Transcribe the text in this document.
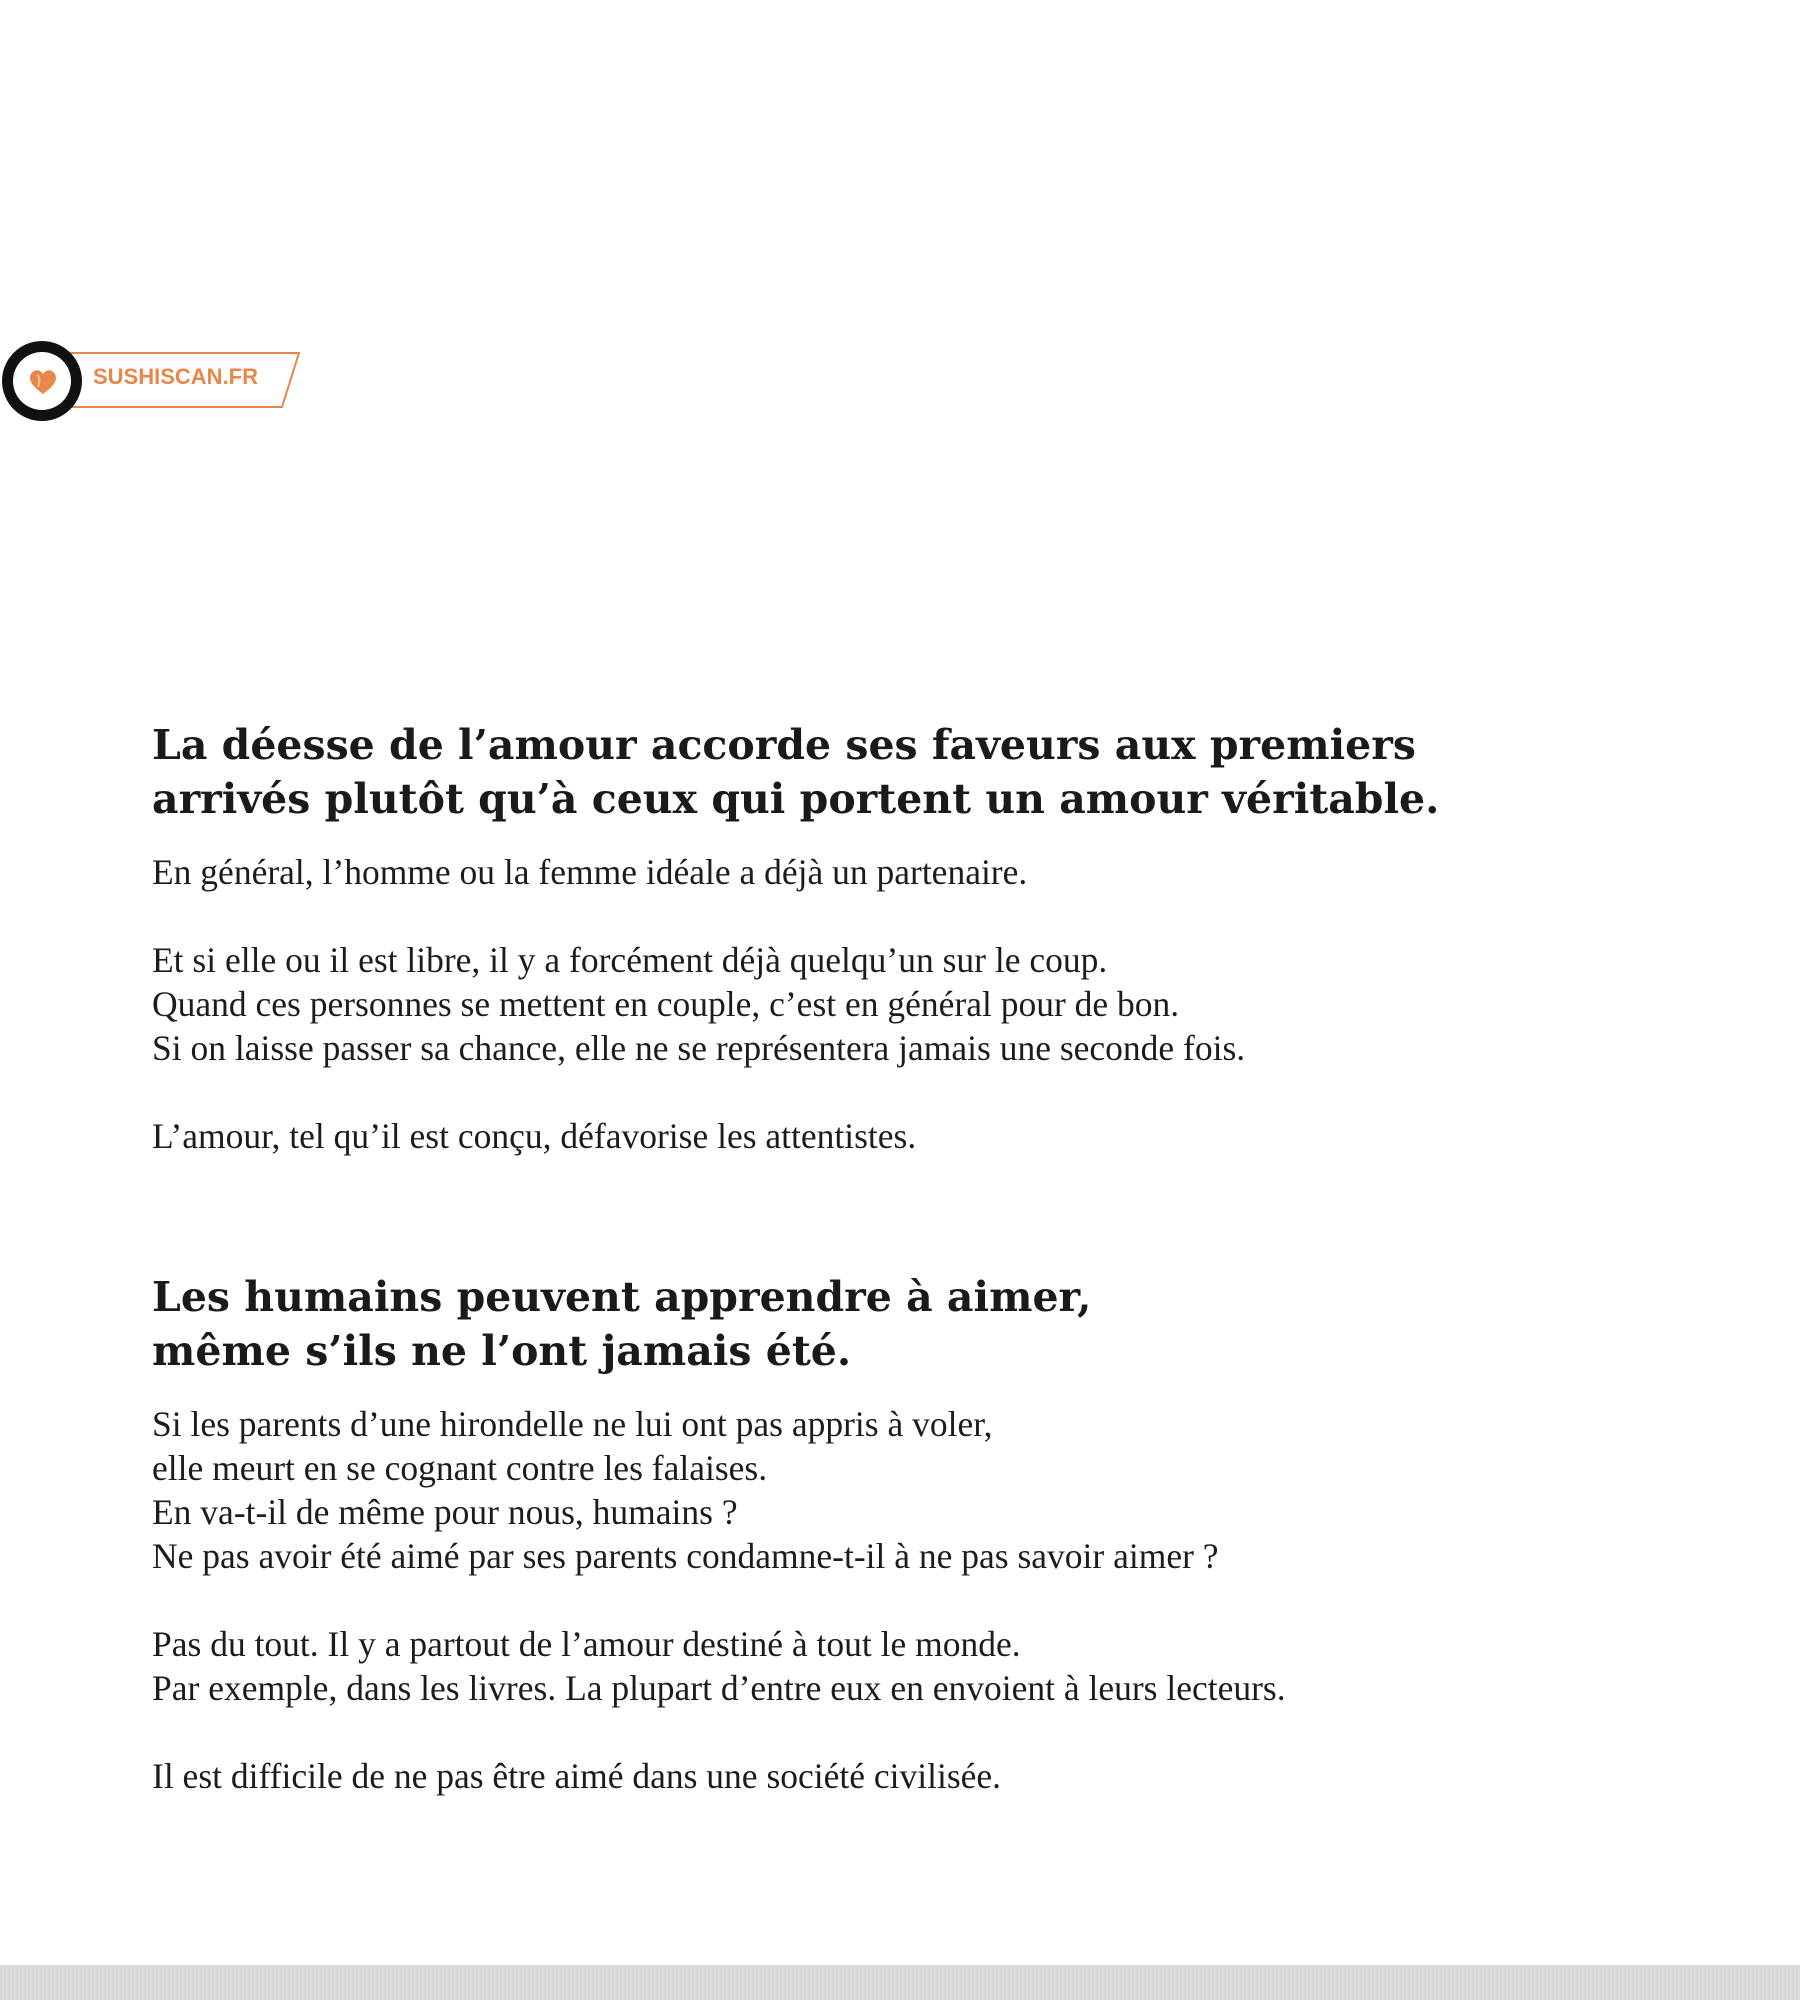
SUSHISCAN.FR
La déesse de l’amour accorde ses faveurs aux premiers
arrivés plutôt qu’à ceux qui portent un amour véritable.

En général, l’homme ou la femme idéale a déjà un partenaire.

Et si elle ou il est libre, il y a forcément déjà quelqu’un sur le coup.
Quand ces personnes se mettent en couple, c’est en général pour de bon.
Si on laisse passer sa chance, elle ne se représentera jamais une seconde fois.

L’amour, tel qu’il est conçu, défavorise les attentistes.

Les humains peuvent apprendre à aimer,
même s’ils ne l’ont jamais été.

Si les parents d’une hirondelle ne lui ont pas appris à voler,
elle meurt en se cognant contre les falaises.
En va-t-il de même pour nous, humains ?
Ne pas avoir été aimé par ses parents condamne-t-il à ne pas savoir aimer ?

Pas du tout. Il y a partout de l’amour destiné à tout le monde.
Par exemple, dans les livres. La plupart d’entre eux en envoient à leurs lecteurs.

Il est difficile de ne pas être aimé dans une société civilisée.
